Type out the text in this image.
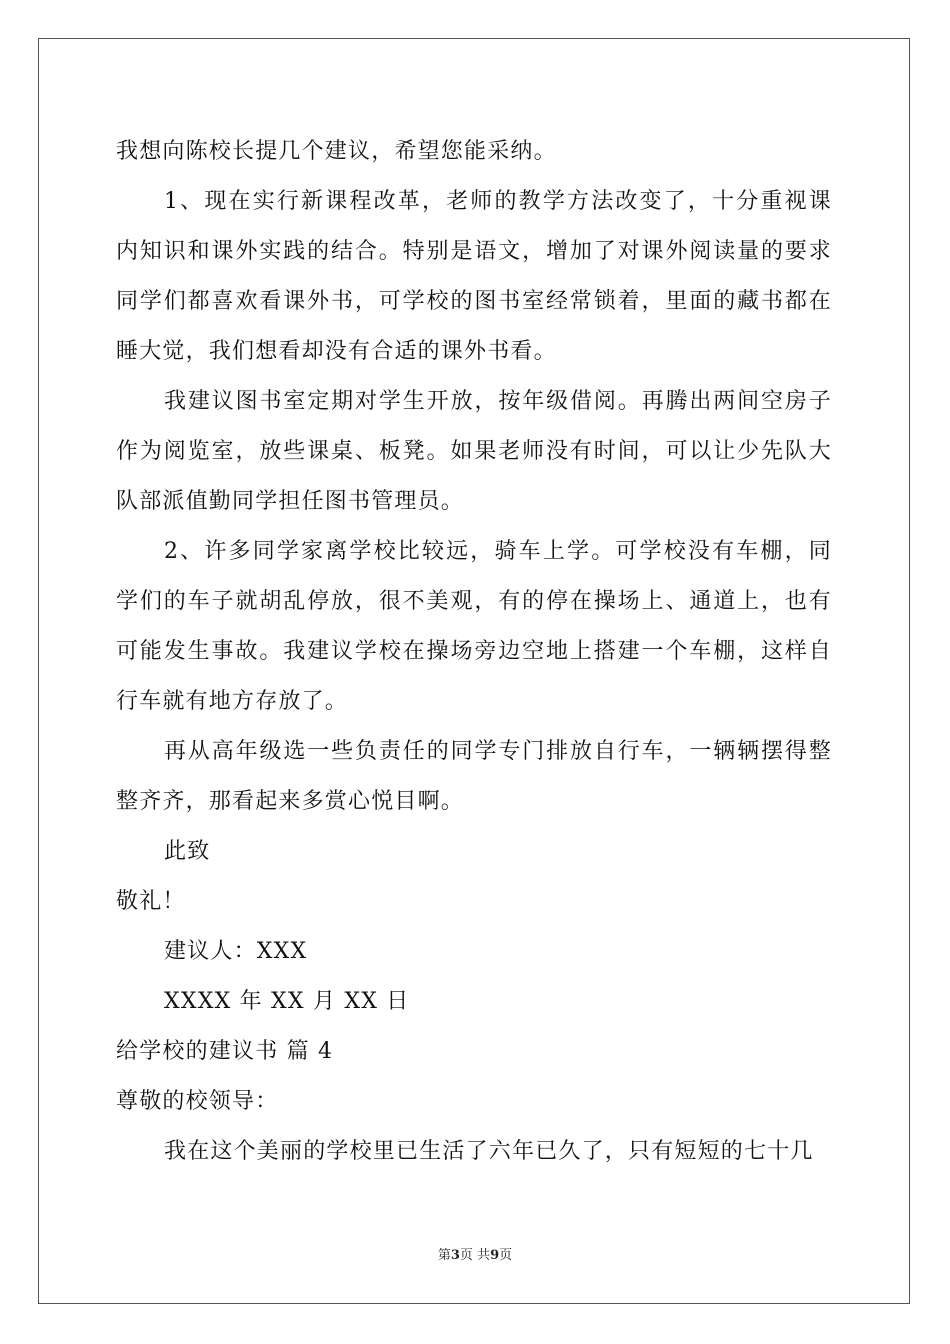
我想向陈校长提几个建议，希望您能采纳。
1、现在实行新课程改革，老师的教学方法改变了，十分重视课
内知识和课外实践的结合。特别是语文，增加了对课外阅读量的要求
同学们都喜欢看课外书，可学校的图书室经常锁着，里面的藏书都在
睡大觉，我们想看却没有合适的课外书看。
我建议图书室定期对学生开放，按年级借阅。再腾出两间空房子
作为阅览室，放些课桌、板凳。如果老师没有时间，可以让少先队大
队部派值勤同学担任图书管理员。
2、许多同学家离学校比较远，骑车上学。可学校没有车棚，同
学们的车子就胡乱停放，很不美观，有的停在操场上、通道上，也有
可能发生事故。我建议学校在操场旁边空地上搭建一个车棚，这样自
行车就有地方存放了。
再从高年级选一些负责任的同学专门排放自行车，一辆辆摆得整
整齐齐，那看起来多赏心悦目啊。
此致
敬礼！
建议人：XXX
XXXX 年 XX 月 XX 日
给学校的建议书 篇 4
尊敬的校领导：
我在这个美丽的学校里已生活了六年已久了，只有短短的七十几
第3页 共9页
